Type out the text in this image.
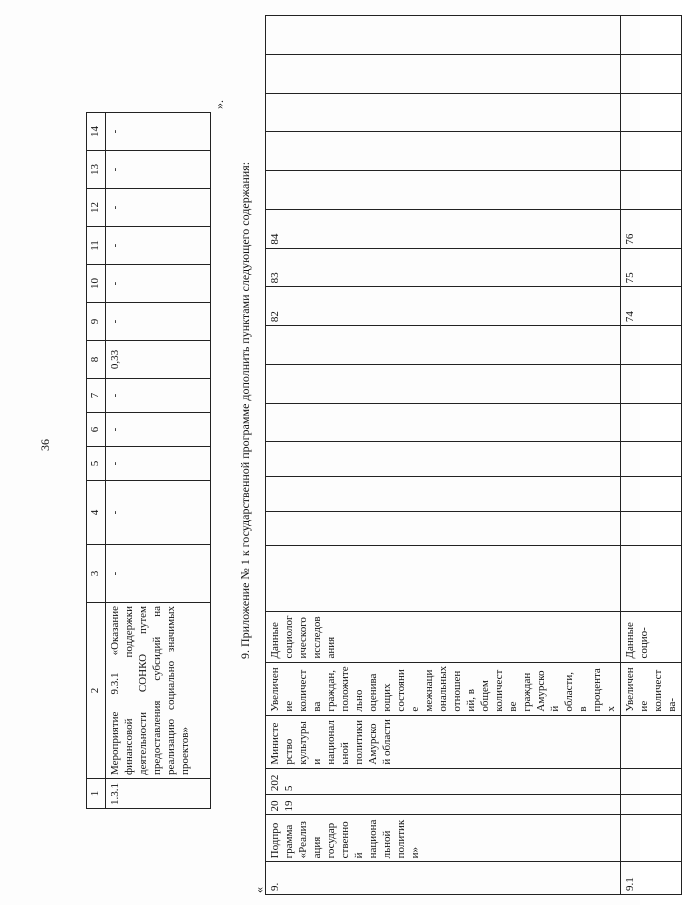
36
1	2	3	4	5	6	7	8	9	10	11	12	13	14
1.3.1	Мероприятие 9.3.1 «Оказание финансовой поддержки деятельности СОНКО путем предоставления субсидий на реализацию социально значимых проектов»	-	-	-	-	-	0,33	-	-	-	-	-	-
».
9. Приложение № 1 к государственной программе дополнить пунктами следующего содержания:
« 9.	Подпрограмма «Реализация государственной национальной политики»	2019	2025	Министерство культуры и национальной политики Амурской области	Увеличение количества граждан, положительно оценивающих состояние межнациональных отношений, в общем количестве граждан Амурской области, в процентах	Данные социологического исследования								82	83	84					
9.1					Увеличение количества-	Данные социо-								74	75	76					
